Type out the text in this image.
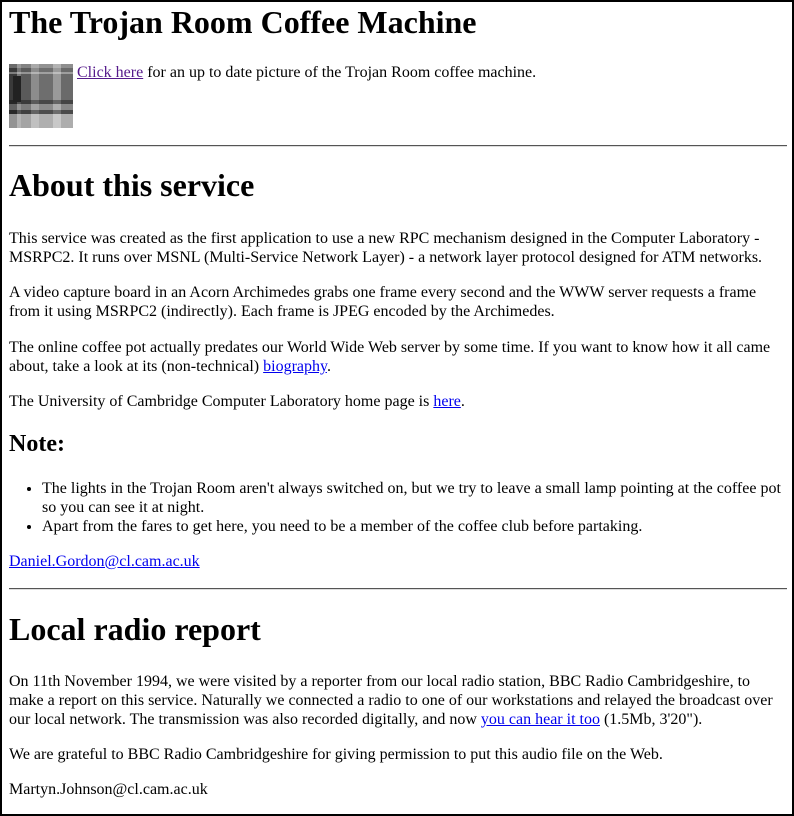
The Trojan Room Coffee Machine
Click here for an up to date picture of the Trojan Room coffee machine.
About this service

This service was created as the first application to use a new RPC mechanism designed in the Computer Laboratory - MSRPC2. It runs over MSNL (Multi-Service Network Layer) - a network layer protocol designed for ATM networks.

A video capture board in an Acorn Archimedes grabs one frame every second and the WWW server requests a frame from it using MSRPC2 (indirectly). Each frame is JPEG encoded by the Archimedes.

The online coffee pot actually predates our World Wide Web server by some time. If you want to know how it all came about, take a look at its (non-technical) biography.

The University of Cambridge Computer Laboratory home page is here.

Note:
• The lights in the Trojan Room aren't always switched on, but we try to leave a small lamp pointing at the coffee pot so you can see it at night.
• Apart from the fares to get here, you need to be a member of the coffee club before partaking.

Daniel.Gordon@cl.cam.ac.uk

Local radio report

On 11th November 1994, we were visited by a reporter from our local radio station, BBC Radio Cambridgeshire, to make a report on this service. Naturally we connected a radio to one of our workstations and relayed the broadcast over our local network. The transmission was also recorded digitally, and now you can hear it too (1.5Mb, 3'20").

We are grateful to BBC Radio Cambridgeshire for giving permission to put this audio file on the Web.

Martyn.Johnson@cl.cam.ac.uk
